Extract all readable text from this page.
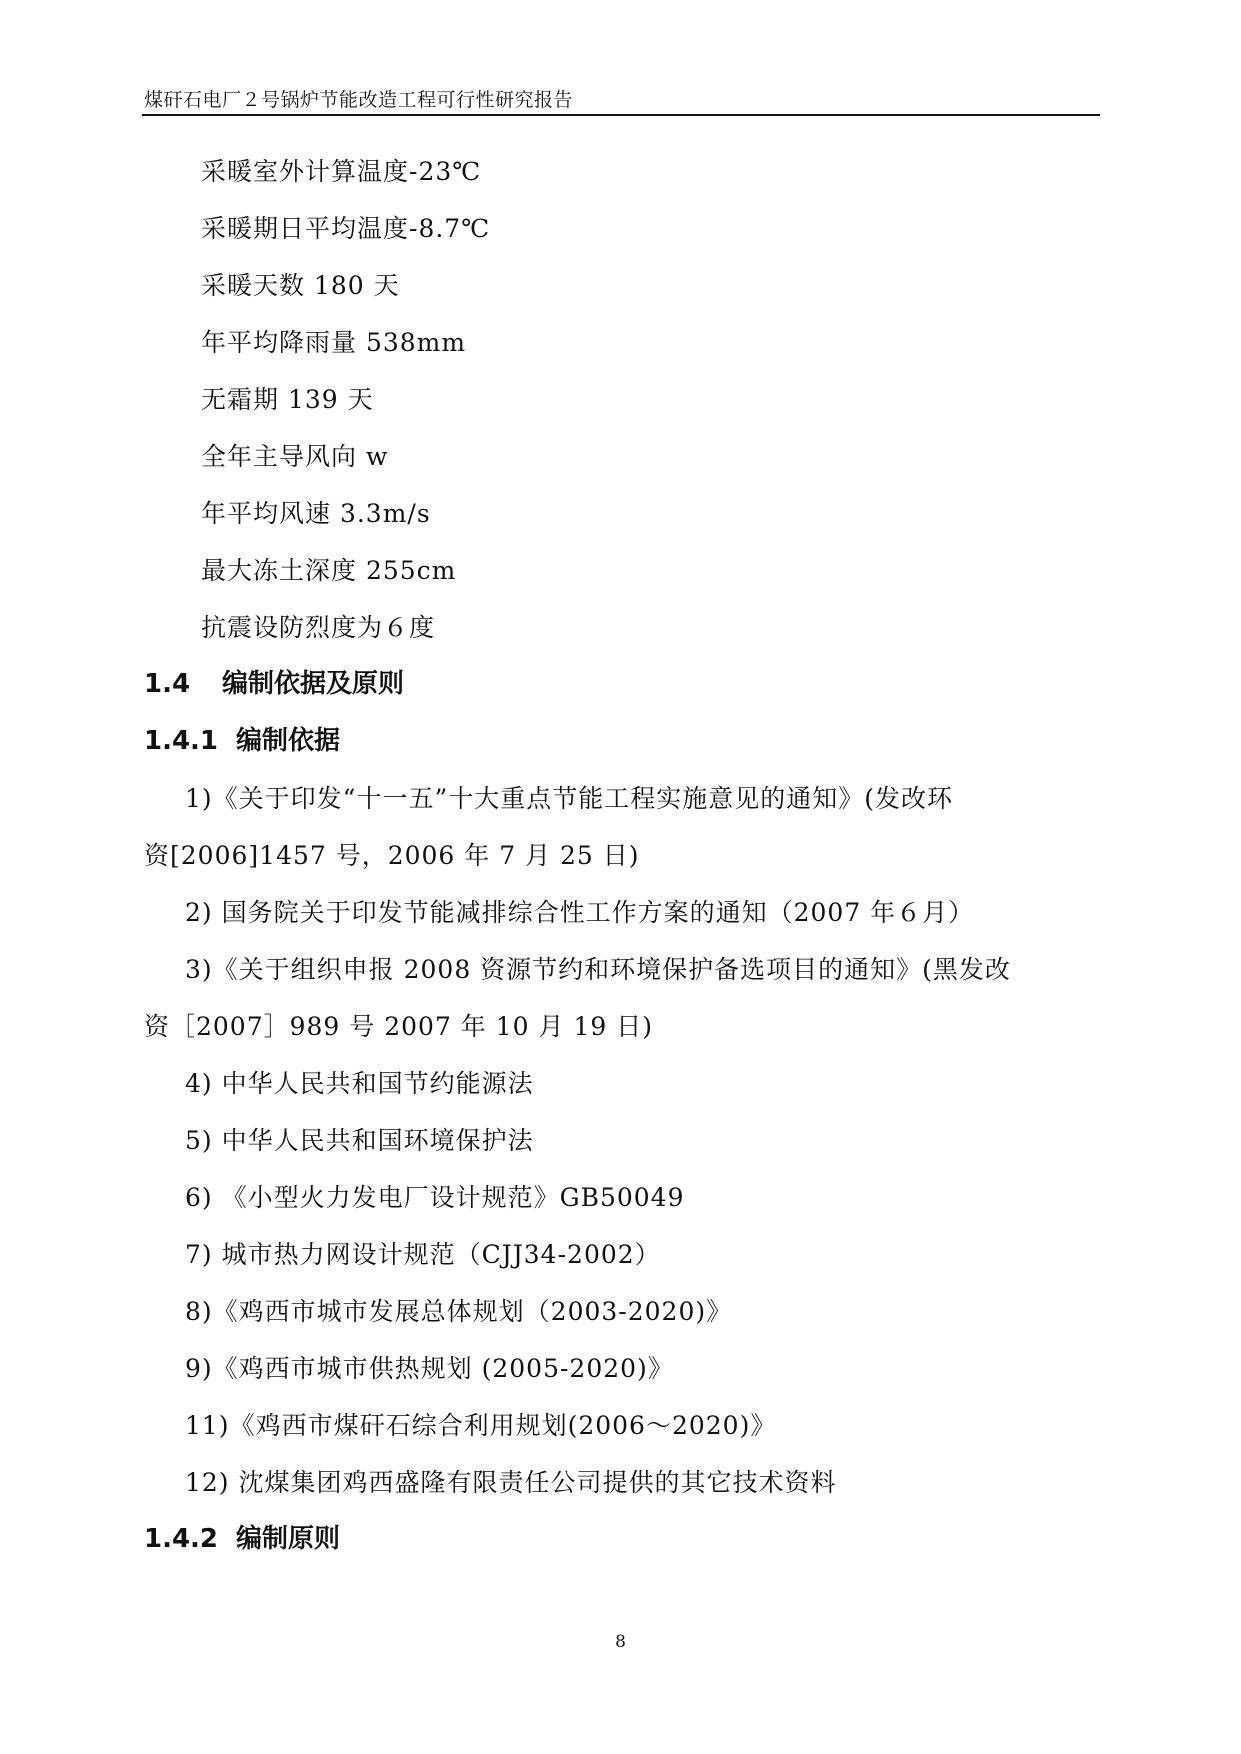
煤矸石电厂２号锅炉节能改造工程可行性研究报告
采暖室外计算温度-23℃
采暖期日平均温度-8.7℃
采暖天数 180 天
年平均降雨量 538mm
无霜期 139 天
全年主导风向 w
年平均风速 3.3m/s
最大冻土深度 255cm
抗震设防烈度为６度
1.4 编制依据及原则
1.4.1 编制依据
1)《关于印发“十一五”十大重点节能工程实施意见的通知》(发改环
资[2006]1457 号，2006 年 7 月 25 日)
2) 国务院关于印发节能减排综合性工作方案的通知（2007 年６月）
3)《关于组织申报 2008 资源节约和环境保护备选项目的通知》(黑发改
资［2007］989 号 2007 年 10 月 19 日)
4) 中华人民共和国节约能源法
5) 中华人民共和国环境保护法
6) 《小型火力发电厂设计规范》GB50049
7) 城市热力网设计规范（CJJ34-2002）
8)《鸡西市城市发展总体规划（2003-2020)》
9)《鸡西市城市供热规划 (2005-2020)》
11)《鸡西市煤矸石综合利用规划(2006～2020)》
12) 沈煤集团鸡西盛隆有限责任公司提供的其它技术资料
1.4.2 编制原则
8
